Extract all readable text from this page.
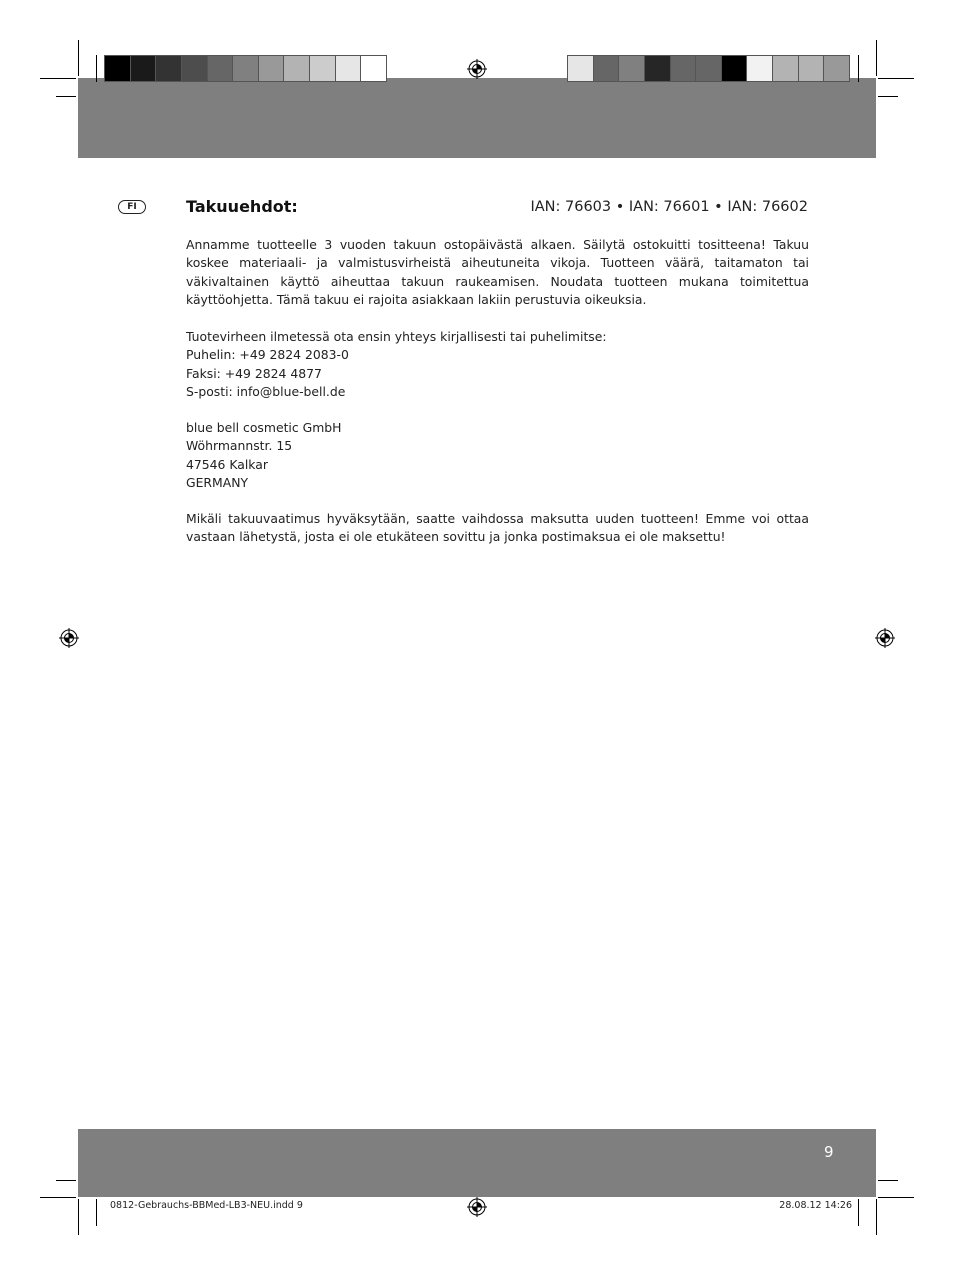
FI	Takuuehdot:	IAN: 76603 • IAN: 76601 • IAN: 76602
Annamme tuotteelle 3 vuoden takuun ostopäivästä alkaen. Säilytä ostokuitti tositteena! Takuu koskee materiaali- ja valmistusvirheistä aiheutuneita vikoja. Tuotteen väärä, taitamaton tai väkivaltainen käyttö aiheuttaa takuun raukeamisen. Noudata tuotteen mukana toimitettua käyttöohjetta. Tämä takuu ei rajoita asiakkaan lakiin perustuvia oikeuksia.
Tuotevirheen ilmetessä ota ensin yhteys kirjallisesti tai puhelimitse:
Puhelin: +49 2824 2083-0
Faksi: +49 2824 4877
S-posti: info@blue-bell.de
blue bell cosmetic GmbH
Wöhrmannstr. 15
47546 Kalkar
GERMANY
Mikäli takuuvaatimus hyväksytään, saatte vaihdossa maksutta uuden tuotteen! Emme voi ottaa vastaan lähetystä, josta ei ole etukäteen sovittu ja jonka postimaksua ei ole maksettu!
9
0812-Gebrauchs-BBMed-LB3-NEU.indd 9	28.08.12 14:26
